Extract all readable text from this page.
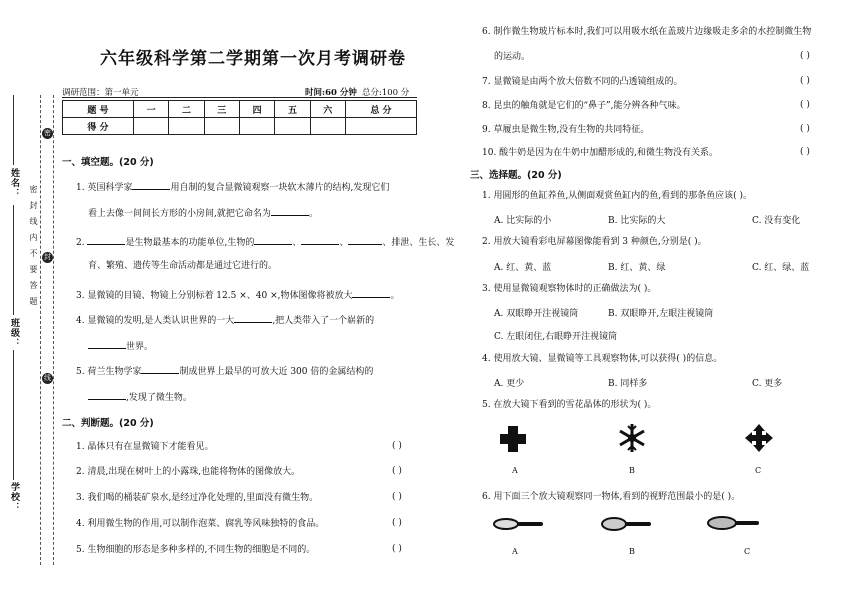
姓名：
班级：
学校：
密
封
线
密封线内不要答题
六年级科学第二学期第一次月考调研卷
调研范围：第一单元	时间:60 分钟 总分:100 分
题 号	一	二	三	四	五	六	总 分
得 分							
一、填空题。(20 分)
1. 英国科学家	用自制的复合显微镜观察一块软木薄片的结构,发现它们
看上去像一间间长方形的小房间,就把它命名为	。
2.	是生物最基本的功能单位,生物的	、	、	、排泄、生长、发
育、繁殖、遗传等生命活动都是通过它进行的。
3. 显微镜的目镜、物镜上分别标着 12.5 ×、40 ×,物体图像将被放大	。
4. 显微镜的发明,是人类认识世界的一大	,把人类带入了一个崭新的
世界。
5. 荷兰生物学家	制成世界上最早的可放大近 300 倍的金属结构的
,发现了微生物。
二、判断题。(20 分)
1. 晶体只有在显微镜下才能看见。	( )
2. 清晨,出现在树叶上的小露珠,也能将物体的图像放大。	( )
3. 我们喝的桶装矿泉水,是经过净化处理的,里面没有微生物。	( )
4. 利用微生物的作用,可以制作泡菜、腐乳等风味独特的食品。	( )
5. 生物细胞的形态是多种多样的,不同生物的细胞是不同的。	( )
6. 制作微生物玻片标本时,我们可以用吸水纸在盖玻片边缘吸走多余的水控制微生物
的运动。	( )
7. 显微镜是由两个放大倍数不同的凸透镜组成的。	( )
8. 昆虫的触角就是它们的“鼻子”,能分辨各种气味。	( )
9. 草履虫是微生物,没有生物的共同特征。	( )
10. 酸牛奶是因为在牛奶中加醋形成的,和微生物没有关系。	( )
三、选择题。(20 分)
1. 用圆形的鱼缸养鱼,从侧面观赏鱼缸内的鱼,看到的那条鱼应该( )。
A. 比实际的小	B. 比实际的大	C. 没有变化
2. 用放大镜看彩电屏幕图像能看到 3 种颜色,分别是( )。
A. 红、黄、蓝	B. 红、黄、绿	C. 红、绿、蓝
3. 使用显微镜观察物体时的正确做法为( )。
A. 双眼睁开注视镜筒	B. 双眼睁开,左眼注视镜筒
C. 左眼闭住,右眼睁开注视镜筒
4. 使用放大镜、显微镜等工具观察物体,可以获得( )的信息。
A. 更少	B. 同样多	C. 更多
5. 在放大镜下看到的雪花晶体的形状为( )。
A	B	C
6. 用下面三个放大镜观察同一物体,看到的视野范围最小的是( )。
A	B	C
